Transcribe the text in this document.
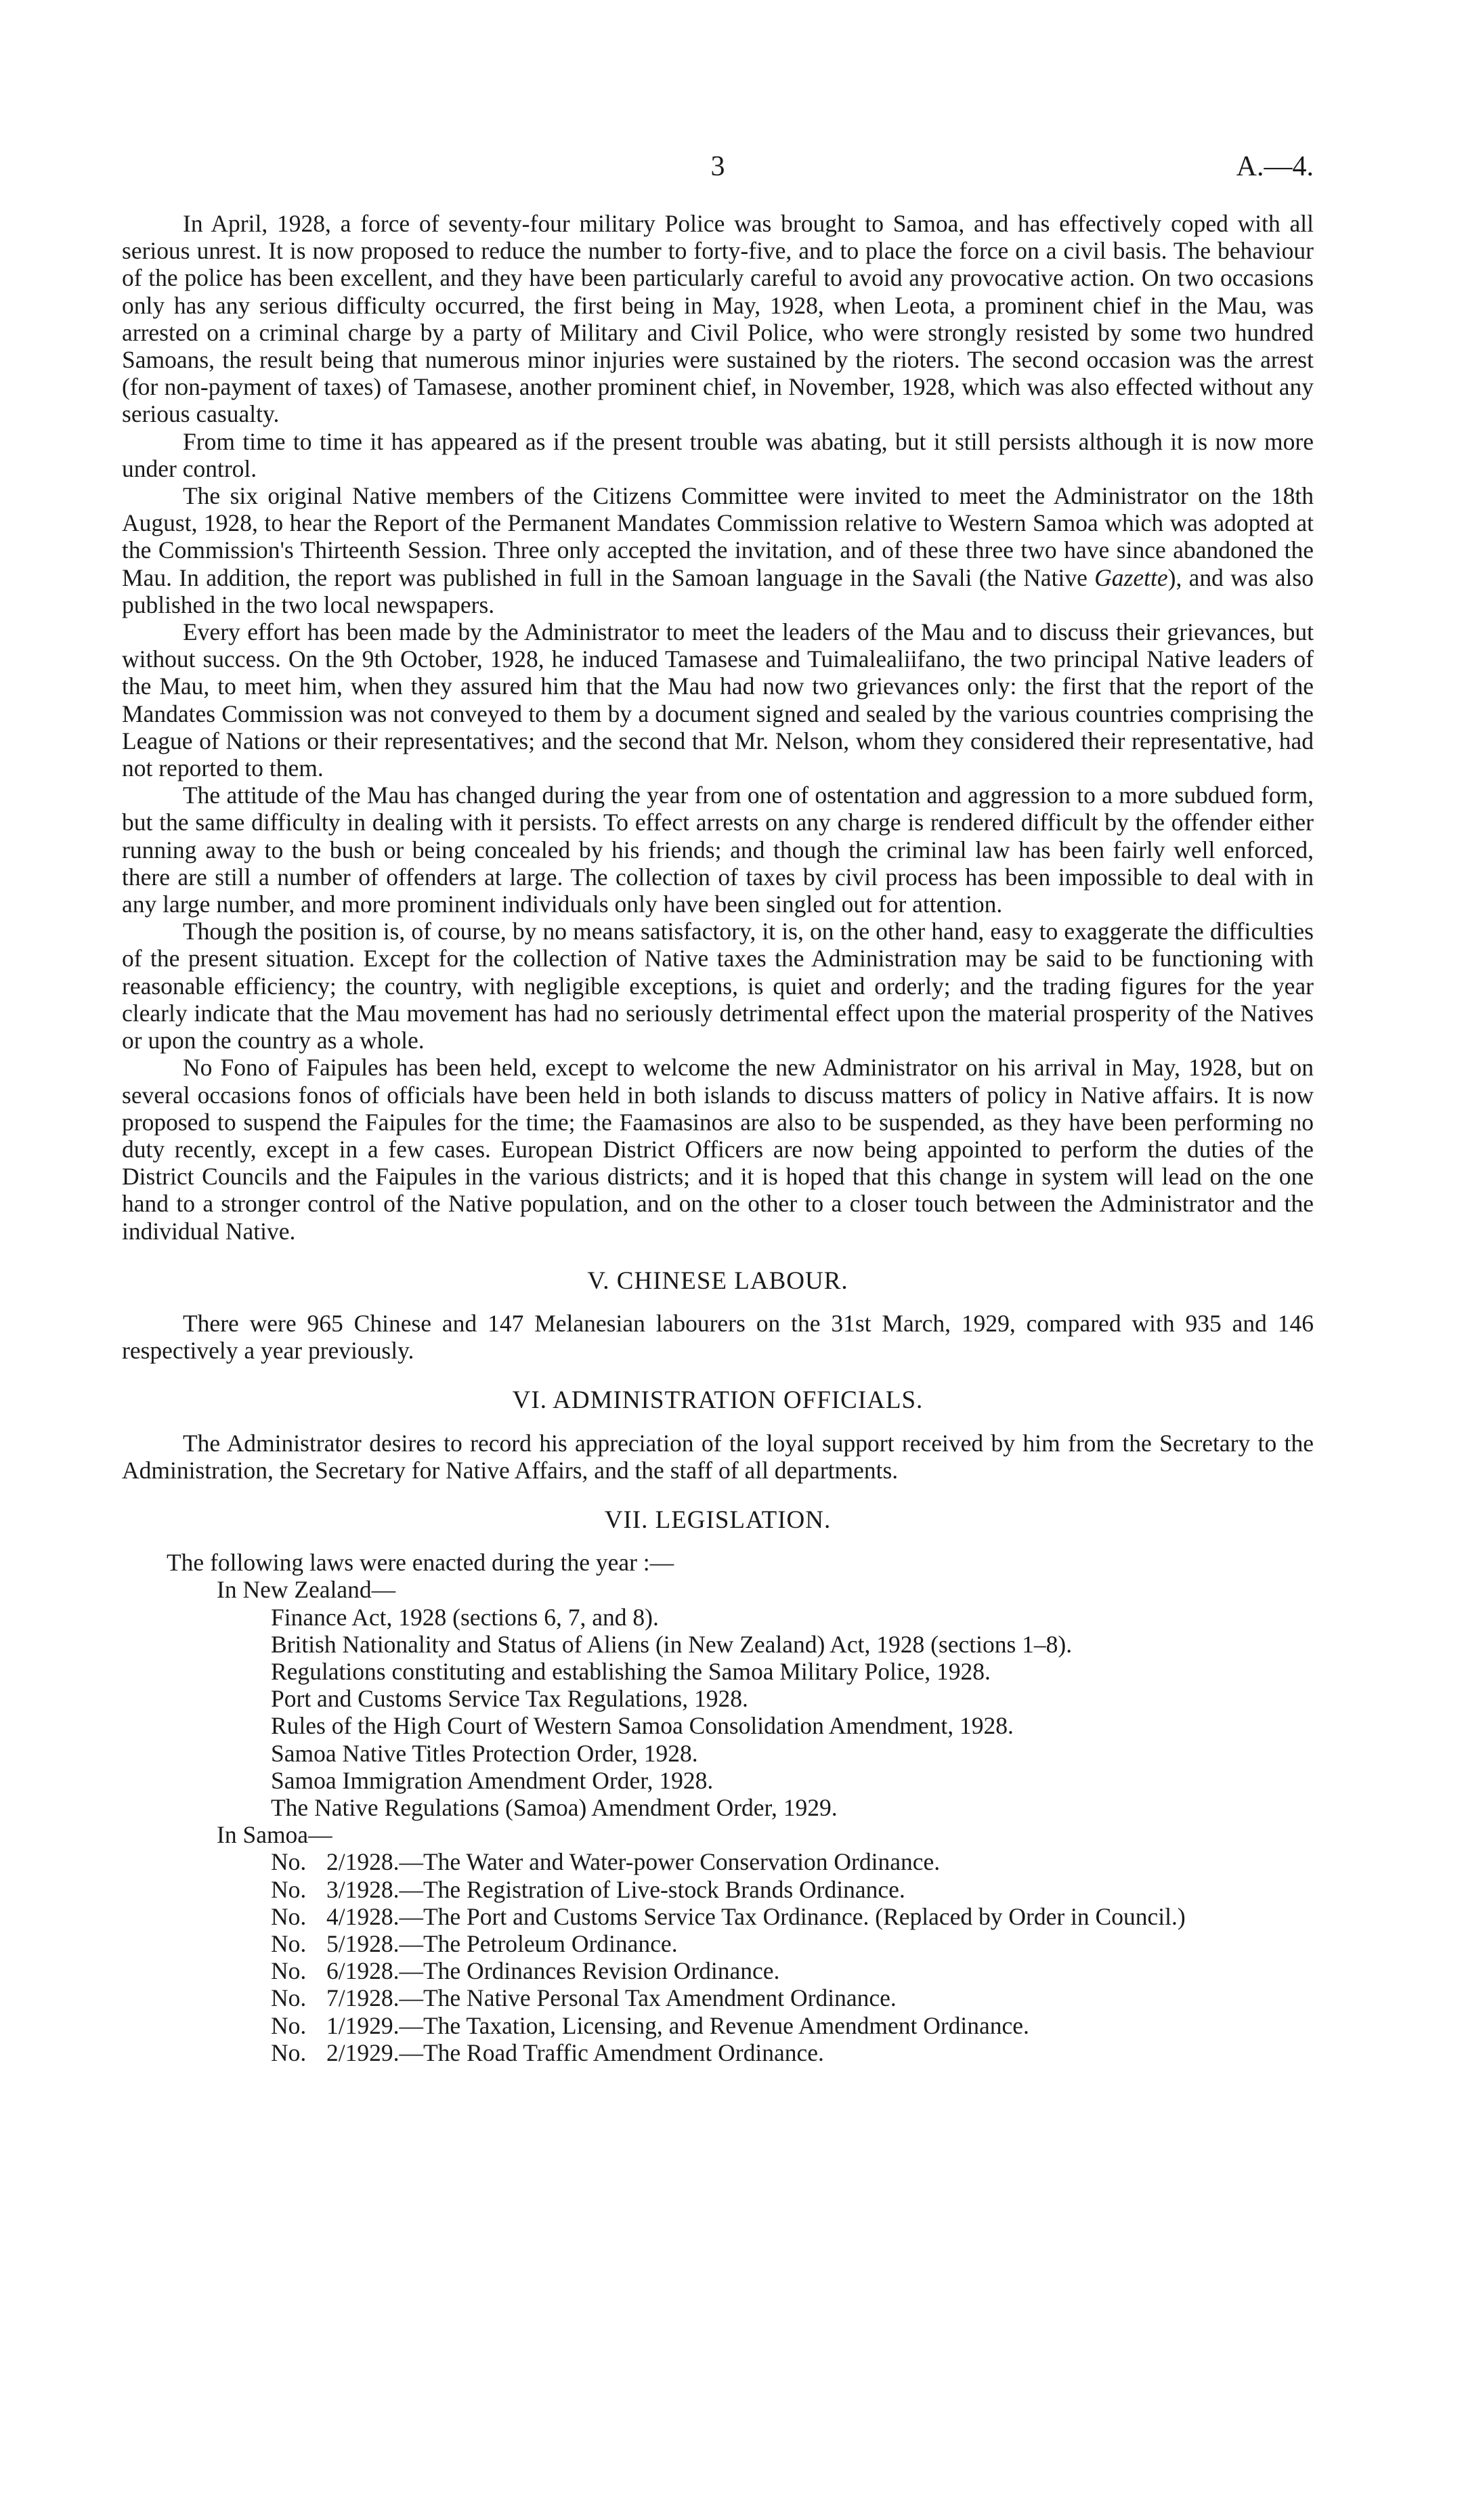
3	A.—4.

In April, 1928, a force of seventy-four military Police was brought to Samoa, and has effectively coped with all serious unrest. It is now proposed to reduce the number to forty-five, and to place the force on a civil basis. The behaviour of the police has been excellent, and they have been particularly careful to avoid any provocative action. On two occasions only has any serious difficulty occurred, the first being in May, 1928, when Leota, a prominent chief in the Mau, was arrested on a criminal charge by a party of Military and Civil Police, who were strongly resisted by some two hundred Samoans, the result being that numerous minor injuries were sustained by the rioters. The second occasion was the arrest (for non-payment of taxes) of Tamasese, another prominent chief, in November, 1928, which was also effected without any serious casualty.

From time to time it has appeared as if the present trouble was abating, but it still persists although it is now more under control.

The six original Native members of the Citizens Committee were invited to meet the Administrator on the 18th August, 1928, to hear the Report of the Permanent Mandates Commission relative to Western Samoa which was adopted at the Commission's Thirteenth Session. Three only accepted the invitation, and of these three two have since abandoned the Mau. In addition, the report was published in full in the Samoan language in the Savali (the Native Gazette), and was also published in the two local newspapers.

Every effort has been made by the Administrator to meet the leaders of the Mau and to discuss their grievances, but without success. On the 9th October, 1928, he induced Tamasese and Tuimalealiifano, the two principal Native leaders of the Mau, to meet him, when they assured him that the Mau had now two grievances only: the first that the report of the Mandates Commission was not conveyed to them by a document signed and sealed by the various countries comprising the League of Nations or their representatives; and the second that Mr. Nelson, whom they considered their representative, had not reported to them.

The attitude of the Mau has changed during the year from one of ostentation and aggression to a more subdued form, but the same difficulty in dealing with it persists. To effect arrests on any charge is rendered difficult by the offender either running away to the bush or being concealed by his friends; and though the criminal law has been fairly well enforced, there are still a number of offenders at large. The collection of taxes by civil process has been impossible to deal with in any large number, and more prominent individuals only have been singled out for attention.

Though the position is, of course, by no means satisfactory, it is, on the other hand, easy to exaggerate the difficulties of the present situation. Except for the collection of Native taxes the Administration may be said to be functioning with reasonable efficiency; the country, with negligible exceptions, is quiet and orderly; and the trading figures for the year clearly indicate that the Mau movement has had no seriously detrimental effect upon the material prosperity of the Natives or upon the country as a whole.

No Fono of Faipules has been held, except to welcome the new Administrator on his arrival in May, 1928, but on several occasions fonos of officials have been held in both islands to discuss matters of policy in Native affairs. It is now proposed to suspend the Faipules for the time; the Faamasinos are also to be suspended, as they have been performing no duty recently, except in a few cases. European District Officers are now being appointed to perform the duties of the District Councils and the Faipules in the various districts; and it is hoped that this change in system will lead on the one hand to a stronger control of the Native population, and on the other to a closer touch between the Administrator and the individual Native.

V. CHINESE LABOUR.

There were 965 Chinese and 147 Melanesian labourers on the 31st March, 1929, compared with 935 and 146 respectively a year previously.

VI. ADMINISTRATION OFFICIALS.

The Administrator desires to record his appreciation of the loyal support received by him from the Secretary to the Administration, the Secretary for Native Affairs, and the staff of all departments.

VII. LEGISLATION.

The following laws were enacted during the year :—

In New Zealand—

Finance Act, 1928 (sections 6, 7, and 8).
British Nationality and Status of Aliens (in New Zealand) Act, 1928 (sections 1–8).
Regulations constituting and establishing the Samoa Military Police, 1928.
Port and Customs Service Tax Regulations, 1928.
Rules of the High Court of Western Samoa Consolidation Amendment, 1928.
Samoa Native Titles Protection Order, 1928.
Samoa Immigration Amendment Order, 1928.
The Native Regulations (Samoa) Amendment Order, 1929.

In Samoa—

No. 2/1928.—The Water and Water-power Conservation Ordinance.
No. 3/1928.—The Registration of Live-stock Brands Ordinance.
No. 4/1928.—The Port and Customs Service Tax Ordinance. (Replaced by Order in Council.)
No. 5/1928.—The Petroleum Ordinance.
No. 6/1928.—The Ordinances Revision Ordinance.
No. 7/1928.—The Native Personal Tax Amendment Ordinance.
No. 1/1929.—The Taxation, Licensing, and Revenue Amendment Ordinance.
No. 2/1929.—The Road Traffic Amendment Ordinance.
